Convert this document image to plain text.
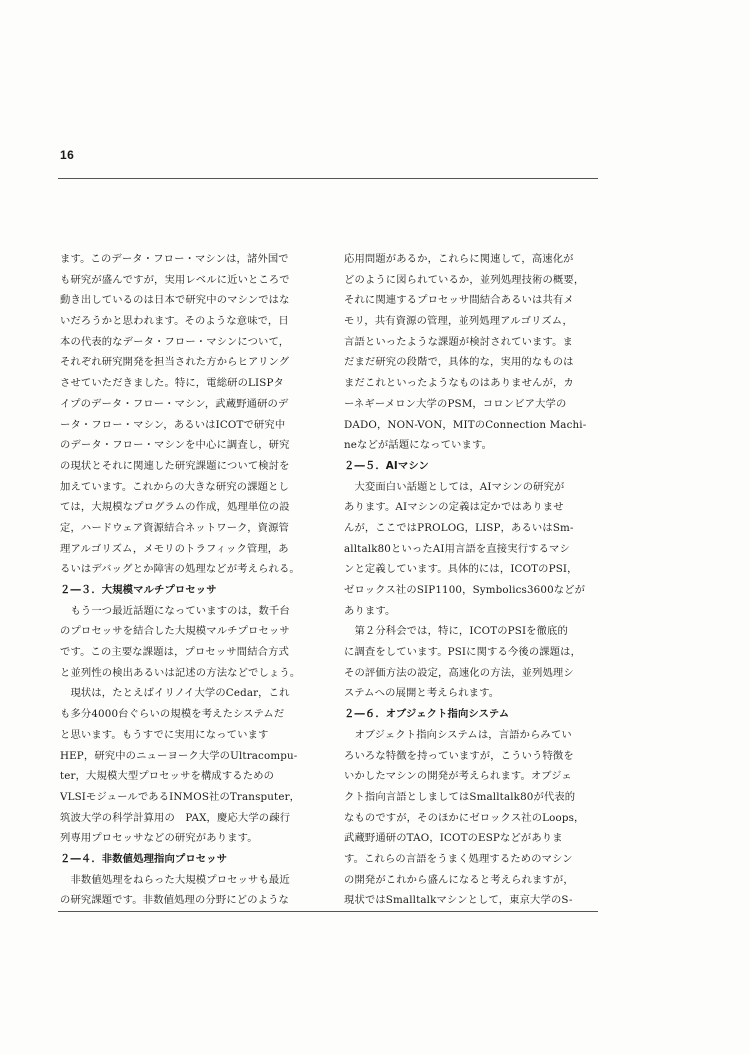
16
ます。このデータ・フロー・マシンは，諸外国で
も研究が盛んですが，実用レベルに近いところで
動き出しているのは日本で研究中のマシンではな
いだろうかと思われます。そのような意味で，日
本の代表的なデータ・フロー・マシンについて，
それぞれ研究開発を担当された方からヒアリング
させていただきました。特に，電総研のLISPタ
イプのデータ・フロー・マシン，武蔵野通研のデ
ータ・フロー・マシン，あるいはICOTで研究中
のデータ・フロー・マシンを中心に調査し，研究
の現状とそれに関連した研究課題について検討を
加えています。これからの大きな研究の課題とし
ては，大規模なプログラムの作成，処理単位の設
定，ハードウェア資源結合ネットワーク，資源管
理アルゴリズム，メモリのトラフィック管理，あ
るいはデバッグとか障害の処理などが考えられる。
２―３．大規模マルチプロセッサ
　もう一つ最近話題になっていますのは，数千台
のプロセッサを結合した大規模マルチプロセッサ
です。この主要な課題は，プロセッサ間結合方式
と並列性の検出あるいは記述の方法などでしょう。
　現状は，たとえばイリノイ大学のCedar，これ
も多分4000台ぐらいの規模を考えたシステムだ
と思います。もうすでに実用になっています
HEP，研究中のニューヨーク大学のUltracompu-
ter，大規模大型プロセッサを構成するための
VLSIモジュールであるINMOS社のTransputer，
筑波大学の科学計算用の　PAX，慶応大学の疎行
列専用プロセッサなどの研究があります。
２―４．非数値処理指向プロセッサ
　非数値処理をねらった大規模プロセッサも最近
の研究課題です。非数値処理の分野にどのような
応用問題があるか，これらに関連して，高速化が
どのように図られているか，並列処理技術の概要，
それに関連するプロセッサ間結合あるいは共有メ
モリ，共有資源の管理，並列処理アルゴリズム，
言語といったような課題が検討されています。ま
だまだ研究の段階で，具体的な，実用的なものは
まだこれといったようなものはありませんが，カ
ーネギーメロン大学のPSM，コロンビア大学の
DADO，NON-VON，MITのConnection Machi-
neなどが話題になっています。
２―５．AIマシン
　大変面白い話題としては，AIマシンの研究が
あります。AIマシンの定義は定かではありませ
んが，ここではPROLOG，LISP，あるいはSm-
alltalk80といったAI用言語を直接実行するマシ
ンと定義しています。具体的には，ICOTのPSI，
ゼロックス社のSIP1100，Symbolics3600などが
あります。
　第２分科会では，特に，ICOTのPSIを徹底的
に調査をしています。PSIに関する今後の課題は，
その評価方法の設定，高速化の方法，並列処理シ
ステムへの展開と考えられます。
２―６．オブジェクト指向システム
　オブジェクト指向システムは，言語からみてい
ろいろな特徴を持っていますが，こういう特徴を
いかしたマシンの開発が考えられます。オブジェ
クト指向言語としましてはSmalltalk80が代表的
なものですが，そのほかにゼロックス社のLoops，
武蔵野通研のTAO，ICOTのESPなどがありま
す。これらの言語をうまく処理するためのマシン
の開発がこれから盛んになると考えられますが，
現状ではSmalltalkマシンとして，東京大学のS-
